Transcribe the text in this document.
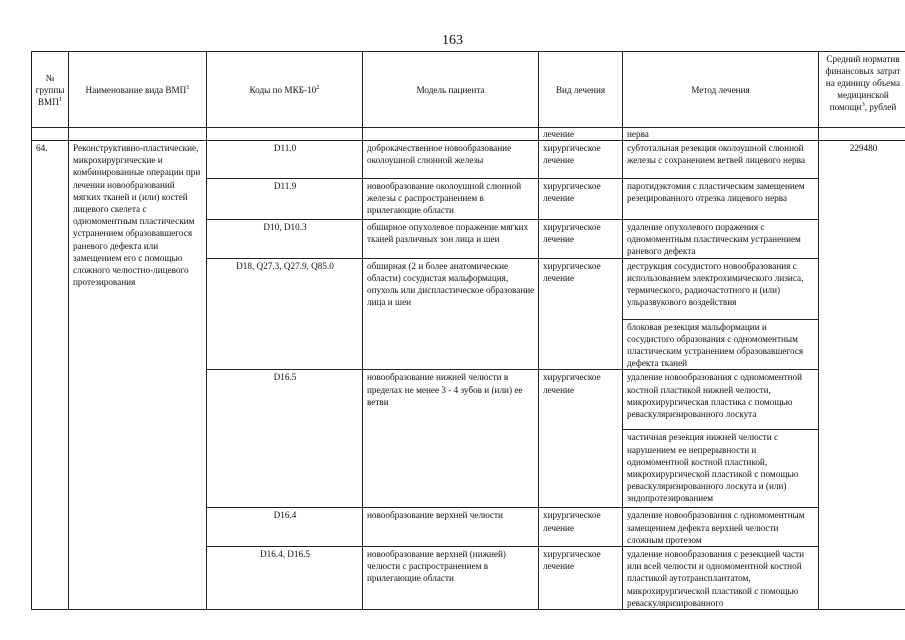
163
№
группы
ВМП$^1$	Наименование вида ВМП$^1$	Коды по МКБ-$10^2$	Модель пациента	Вид лечения	Метод лечения	Средний норматив финансовых затрат на единицу объема медицинской помощи$^3$, рублей
				лечение	нерва	
64.	Реконструктивно-пластические, микрохирургические и комбинированные операции при лечении новообразований мягких тканей и (или) костей лицевого скелета с одномоментным пластическим устранением образовавшегося раневого дефекта или замещением его с помощью сложного челюстно-лицевого протезирования	D11.0	доброкачественное новообразование околоушной слюнной железы	хирургическое лечение	субтотальная резекция околоушной слюнной железы с сохранением ветвей лицевого нерва	229480
		D11.9	новообразование околоушной слюнной железы с распространением в прилегающие области	хирургическое лечение	паротидэктомия с пластическим замещением резецированного отрезка лицевого нерва	
		D10, D10.3	обширное опухолевое поражение мягких тканей различных зон лица и шеи	хирургическое лечение	удаление опухолевого поражения с одномоментным пластическим устранением раневого дефекта	
		D18, Q27.3, Q27.9, Q85.0	обширная (2 и более анатомические области) сосудистая мальформация, опухоль или диспластическое образование лица и шеи	хирургическое лечение	деструкция сосудистого новообразования с использованием электрохимического лизиса, термического, радиочастотного и (или) ульразвукового воздействия	
					блоковая резекция мальформации и сосудистого образования с одномоментным пластическим устранением образовавшегося дефекта тканей	
		D16.5	новообразование нижней челюсти в пределах не менее 3 - 4 зубов и (или) ее ветви	хирургическое лечение	удаление новообразования с одномоментной костной пластикой нижней челюсти, микрохирургическая пластика с помощью реваскуляризированного лоскута	
					частичная резекция нижней челюсти с нарушением ее непрерывности и одномоментной костной пластикой, микрохирургической пластикой с помощью реваскуляризированного лоскута и (или) эндопротезированием	
		D16.4	новообразование верхней челюсти	хирургическое лечение	удаление новообразования с одномоментным замещением дефекта верхней челюсти сложным протезом	
		D16.4, D16.5	новообразование верхней (нижней) челюсти с распространением в прилегающие области	хирургическое лечение	удаление новообразования с резекцией части или всей челюсти и одномоментной костной пластикой аутотрансплантатом, микрохирургической пластикой с помощью реваскуляризированного	
